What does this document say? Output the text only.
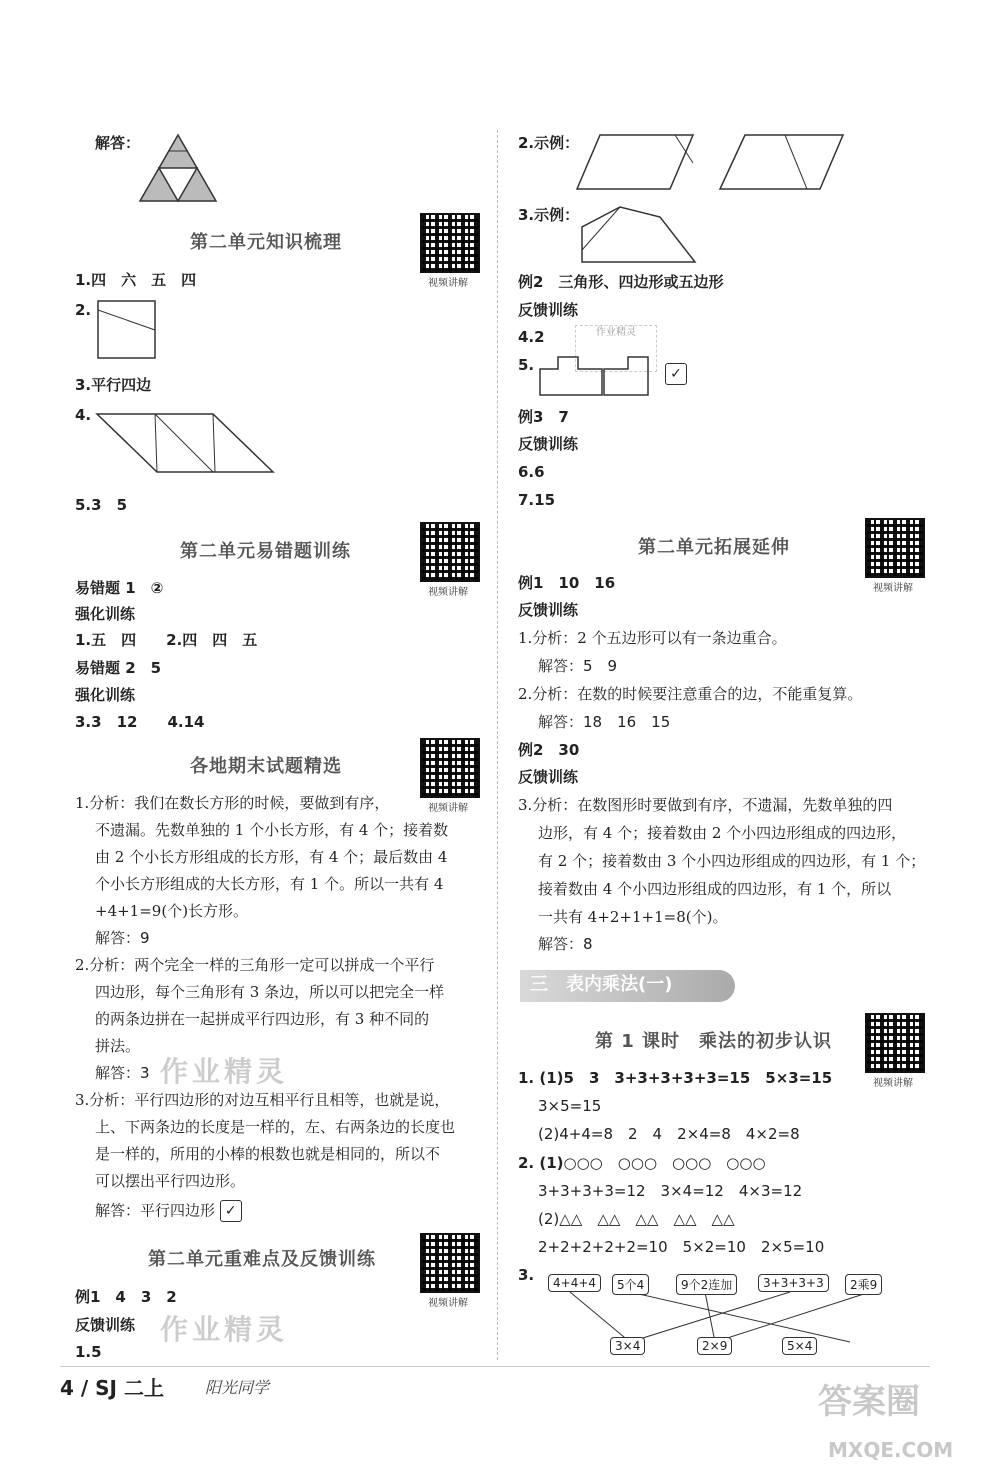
解答：
第二单元知识梳理
视频讲解
1.四　六　五　四
2.
3.平行四边
4.
5.3　5
第二单元易错题训练
视频讲解
易错题 1　②
强化训练
1.五　四　　2.四　四　五
易错题 2　5
强化训练
3.3　12　　4.14
各地期末试题精选
视频讲解
1.分析：我们在数长方形的时候，要做到有序，
不遗漏。先数单独的 1 个小长方形，有 4 个；接着数
由 2 个小长方形组成的长方形，有 4 个；最后数由 4
个小长方形组成的大长方形，有 1 个。所以一共有 4
+4+1=9(个)长方形。
解答：9
2.分析：两个完全一样的三角形一定可以拼成一个平行
四边形，每个三角形有 3 条边，所以可以把完全一样
的两条边拼在一起拼成平行四边形，有 3 种不同的
拼法。
解答：3 作业精灵
3.分析：平行四边形的对边互相平行且相等，也就是说，
上、下两条边的长度是一样的，左、右两条边的长度也
是一样的，所用的小棒的根数也就是相同的，所以不
可以摆出平行四边形。
解答：平行四边形 ✓
第二单元重难点及反馈训练
视频讲解
例1　4　3　2
反馈训练 作业精灵
1.5
2.示例：
3.示例：
例2　三角形、四边形或五边形
反馈训练
4.2	作业精灵
5.	✓
例3　7
反馈训练
6.6
7.15
第二单元拓展延伸
视频讲解
例1　10　16
反馈训练
1.分析：2 个五边形可以有一条边重合。
解答：5　9
2.分析：在数的时候要注意重合的边，不能重复算。
解答：18　16　15
例2　30
反馈训练
3.分析：在数图形时要做到有序，不遗漏，先数单独的四
边形，有 4 个；接着数由 2 个小四边形组成的四边形，
有 2 个；接着数由 3 个小四边形组成的四边形，有 1 个；
接着数由 4 个小四边形组成的四边形，有 1 个，所以
一共有 4+2+1+1=8(个)。
解答：8
三　表内乘法(一)
第 1 课时　乘法的初步认识
视频讲解
1. (1)5　3　3+3+3+3+3=15　5×3=15
3×5=15
(2)4+4=8　2　4　2×4=8　4×2=8
2. (1)○○○　○○○　○○○　○○○
3+3+3+3=12　3×4=12　4×3=12
(2)△△　△△　△△　△△　△△
2+2+2+2+2=10　5×2=10　2×5=10
3.	4+4+4	5个4	9个2连加	3+3+3+3	2乘9
3×4	2×9	5×4
4 / SJ 二上	阳光同学	答案圈
MXQE.COM
